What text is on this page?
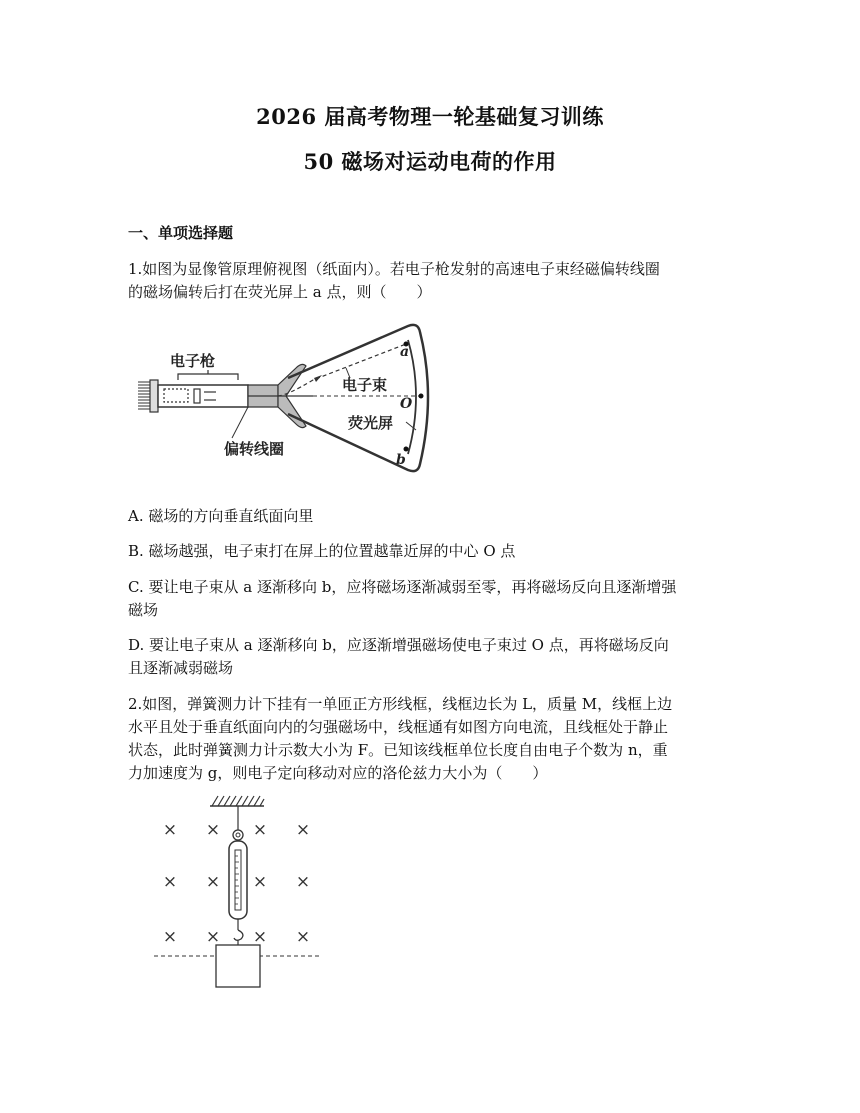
2026 届高考物理一轮基础复习训练
50 磁场对运动电荷的作用
一、单项选择题
1.如图为显像管原理俯视图（纸面内）。若电子枪发射的高速电子束经磁偏转线圈
的磁场偏转后打在荧光屏上 a 点，则（　　）
电子枪
电子束
荧光屏
偏转线圈
a
O
b
A. 磁场的方向垂直纸面向里
B. 磁场越强，电子束打在屏上的位置越靠近屏的中心 O 点
C. 要让电子束从 a 逐渐移向 b，应将磁场逐渐减弱至零，再将磁场反向且逐渐增强
磁场
D. 要让电子束从 a 逐渐移向 b，应逐渐增强磁场使电子束过 O 点，再将磁场反向
且逐渐减弱磁场
2.如图，弹簧测力计下挂有一单匝正方形线框，线框边长为 L，质量 M，线框上边
水平且处于垂直纸面向内的匀强磁场中，线框通有如图方向电流，且线框处于静止
状态，此时弹簧测力计示数大小为 F。已知该线框单位长度自由电子个数为 n，重
力加速度为 g，则电子定向移动对应的洛伦兹力大小为（　　）
× × × ×
× × × ×
× × × ×
